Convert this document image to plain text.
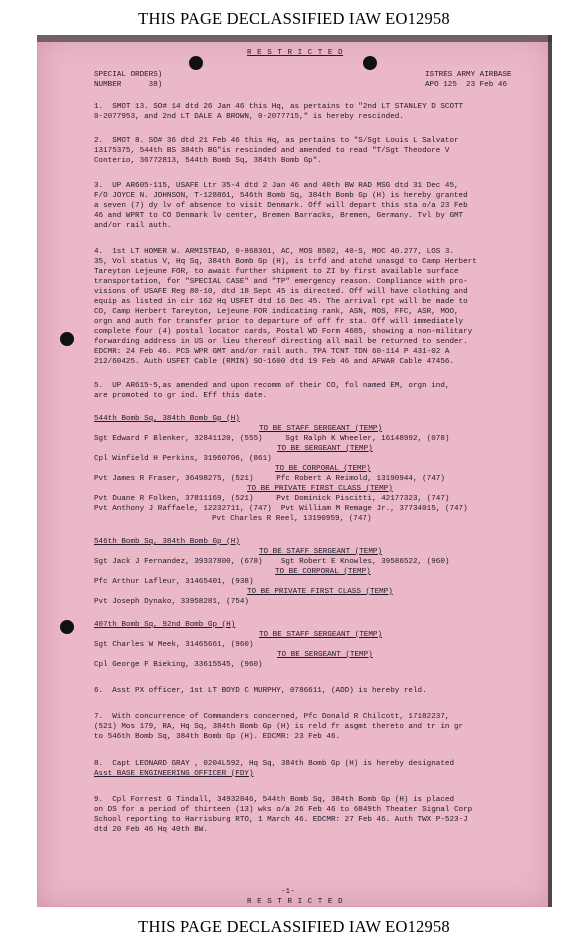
THIS PAGE DECLASSIFIED IAW EO12958
R E S T R I C T E D
SPECIAL ORDERS)
NUMBER      38)
ISTRES ARMY AIRBASE
APO 125  23 Feb 46
1.  SMOT 13. SO# 14 dtd 26 Jan 46 this Hq, as pertains to "2nd LT STANLEY D SCOTT
0-2077953, and 2nd LT DALE A BROWN, 0-2077715," is hereby rescinded.
2.  SMOT 8. SO# 36 dtd 21 Feb 46 this Hq, as pertains to "S/Sgt Louis L Salvator
13175375, 544th BS 384th BG"is rescinded and amended to read "T/Sgt Theodore V
Conterio, 36772813, 544th Bomb Sq, 384th Bomb Gp".
3.  UP AR605-115, USAFE Ltr 35-4 dtd 2 Jan 46 and 40th BW RAD MSG dtd 31 Dec 45,
F/O JOYCE N. JOHNSON, T-128861, 546th Bomb Sq, 384th Bomb Gp (H) is hereby granted
a seven (7) dy lv of absence to visit Denmark. Off will depart this sta o/a 23 Feb
46 and WPRT to CO Denmark lv center, Bremen Barracks, Bremen, Germany. Tvl by GMT
and/or rail auth.
4.  1st LT HOMER W. ARMISTEAD, 0-868361, AC, MOS 8502, 40-S, MOC 40.277, LOS 3.
35, Vol status V, Hq Sq, 384th Bomb Gp (H), is trfd and atchd unasgd to Camp Herbert
Tareyton Lejeune FOR, to await further shipment to ZI by first available surface
transportation, for "SPECIAL CASE" and "TP" emergency reason. Compliance with pro-
visions of USAFE Reg 80-10, dtd 18 Sept 45 is directed. Off will have clothing and
equip as listed in cir 162 Hq USFET dtd 16 Dec 45. The arrival rpt will be made to
CO, Camp Herbert Tareyton, Lejeune FOR indicating rank, ASN, MOS, FFC, ASR, MOO,
orgn and auth for transfer prior to departure of off fr sta. Off will immediately
complete four (4) postal locator cards, Postal WD Form 4685, showing a non-military
forwarding address in US or lieu thereof directing all mail be returned to sender.
EDCMR: 24 Feb 46. PCS WPR GMT and/or rail auth. TPA TCNT TDN 60-114 P 431-02 A
212/60425. Auth USFET Cable (RMIN) SO-1600 dtd 19 Feb 46 and AFWAR Cable 47456.
5.  UP AR615-5,as amended and upon recomm of their CO, fol named EM, orgn ind,
are promoted to gr ind. Eff this date.
544th Bomb Sq, 384th Bomb Gp (H)
TO BE STAFF SERGEANT (TEMP)
Sgt Edward F Blenker, 32841120, (555)     Sgt Ralph K Wheeler, 16148992, (078)
TO BE SERGEANT (TEMP)
Cpl Winfield H Perkins, 31960706, (861)
TO BE CORPORAL (TEMP)
Pvt James R Fraser, 36498275, (521)     Pfc Robert A Reimold, 13190944, (747)
TO BE PRIVATE FIRST CLASS (TEMP)
Pvt Duane R Folken, 37811169, (521)     Pvt Dominick Piscitti, 42177323, (747)
Pvt Anthony J Raffaele, 12232711, (747)  Pvt William M Remage Jr., 37734015, (747)
Pvt Charles R Reel, 13190959, (747)
546th Bomb Sq, 384th Bomb Gp (H)
TO BE STAFF SERGEANT (TEMP)
Sgt Jack J Fernandez, 39337800, (678)    Sgt Robert E Knowles, 39586522, (960)
TO BE CORPORAL (TEMP)
Pfc Arthur Lafleur, 31465401, (938)
TO BE PRIVATE FIRST CLASS (TEMP)
Pvt Joseph Dynako, 33958281, (754)
407th Bomb Sq, 92nd Bomb Gp (H)
TO BE STAFF SERGEANT (TEMP)
Sgt Charles W Meek, 31465661, (960)
TO BE SERGEANT (TEMP)
Cpl George F Bieking, 33615545, (960)
6.  Asst PX officer, 1st LT BOYD C MURPHY, 0786611, (ADD) is hereby reld.
7.  With concurrence of Commanders concerned, Pfc Donald R Chilcott, 17182237,
(521) Mos 179, RA, Hq Sq, 384th Bomb Gp (H) is reld fr asgmt thereto and tr in gr
to 546th Bomb Sq, 384th Bomb Gp (H). EDCMR: 23 Feb 46.
8.  Capt LEONARD GRAY , 0204L592, Hq Sq, 384th Bomb Gp (H) is hereby designated
Asst BASE ENGINEERING OFFICER (FDY)
9.  Cpl Forrest G Tindall, 34932846, 544th Bomb Sq, 384th Bomb Gp (H) is placed
on DS for a period of thirteen (13) wks o/a 26 Feb 46 to 6849th Theater Signal Corp
School reporting to Harrisburg RTO, 1 March 46. EDCMR: 27 Feb 46. Auth TWX P-523-J
dtd 20 Feb 46 Hq 40th BW.
-1-
R E S T R I C T E D
THIS PAGE DECLASSIFIED IAW EO12958
